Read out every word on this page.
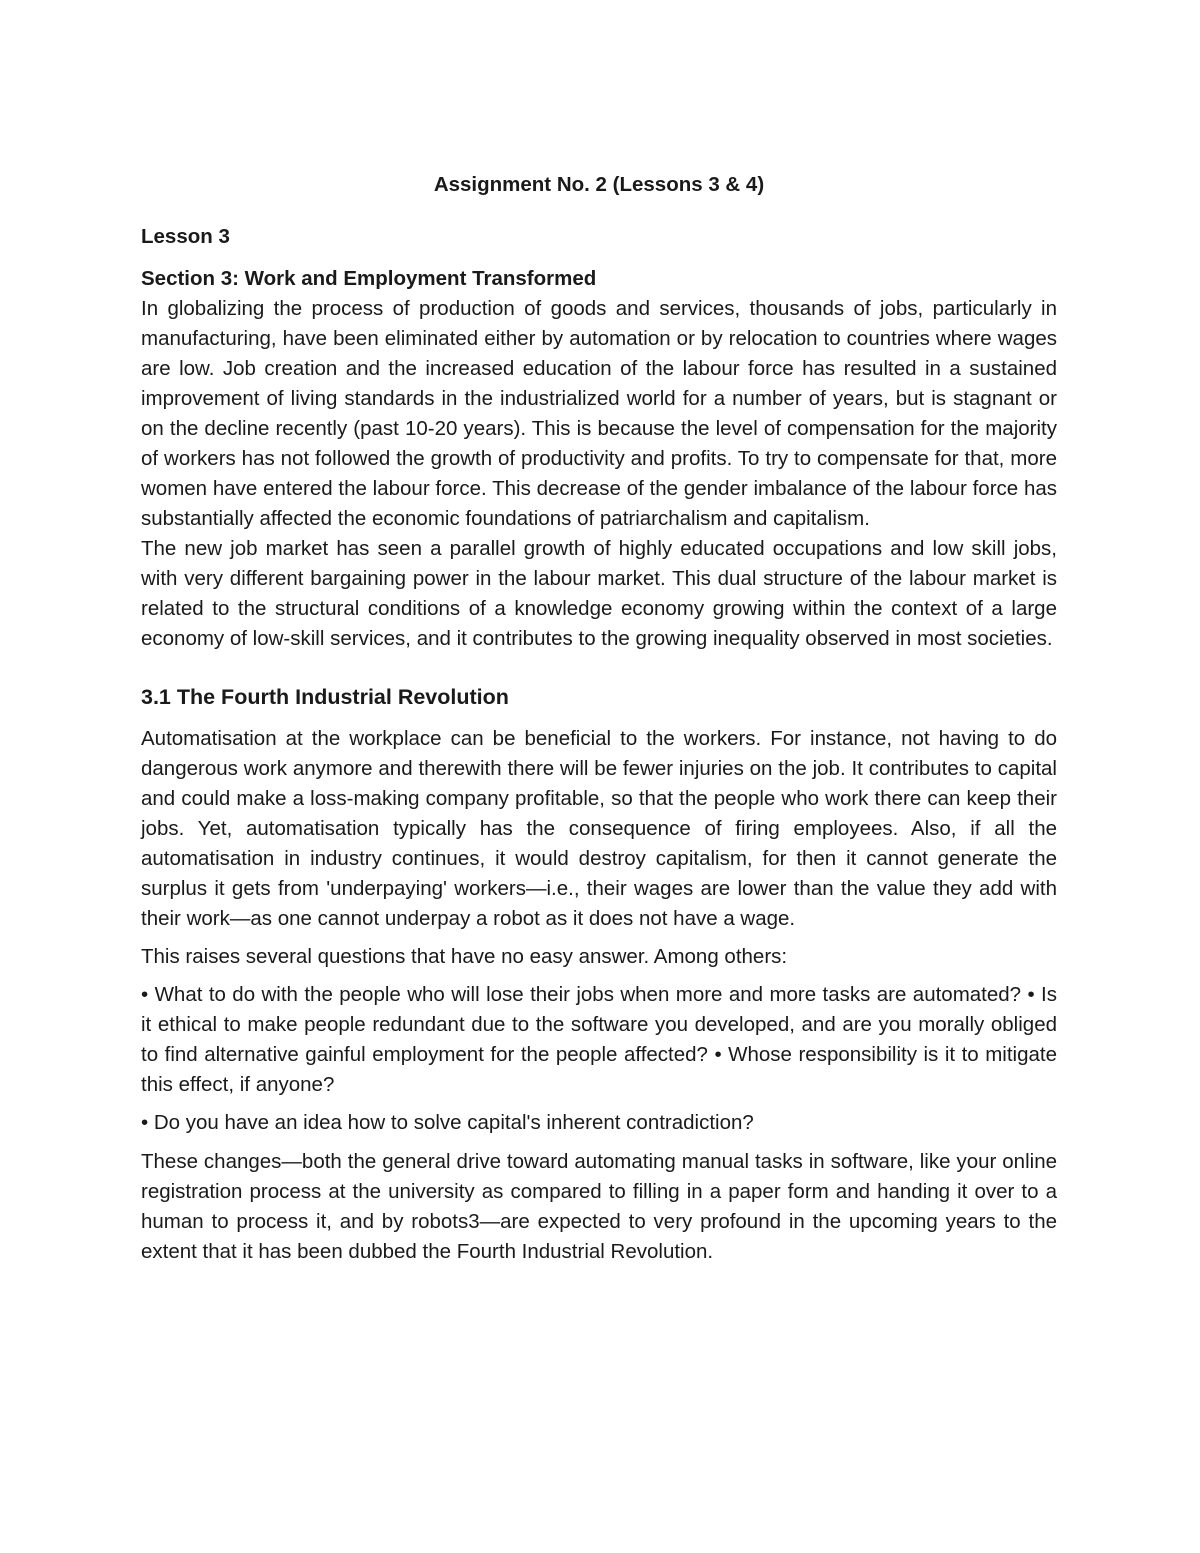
Assignment No. 2 (Lessons 3 & 4)
Lesson 3
Section 3: Work and Employment Transformed

In globalizing the process of production of goods and services, thousands of jobs, particularly in manufacturing, have been eliminated either by automation or by relocation to countries where wages are low. Job creation and the increased education of the labour force has resulted in a sustained improvement of living standards in the industrialized world for a number of years, but is stagnant or on the decline recently (past 10-20 years). This is because the level of compensation for the majority of workers has not followed the growth of productivity and profits. To try to compensate for that, more women have entered the labour force. This decrease of the gender imbalance of the labour force has substantially affected the economic foundations of patriarchalism and capitalism.

The new job market has seen a parallel growth of highly educated occupations and low skill jobs, with very different bargaining power in the labour market. This dual structure of the labour market is related to the structural conditions of a knowledge economy growing within the context of a large economy of low-skill services, and it contributes to the growing inequality observed in most societies.

3.1 The Fourth Industrial Revolution

Automatisation at the workplace can be beneficial to the workers. For instance, not having to do dangerous work anymore and therewith there will be fewer injuries on the job. It contributes to capital and could make a loss-making company profitable, so that the people who work there can keep their jobs. Yet, automatisation typically has the consequence of firing employees. Also, if all the automatisation in industry continues, it would destroy capitalism, for then it cannot generate the surplus it gets from 'underpaying' workers—i.e., their wages are lower than the value they add with their work—as one cannot underpay a robot as it does not have a wage.

This raises several questions that have no easy answer. Among others:

• What to do with the people who will lose their jobs when more and more tasks are automated? • Is it ethical to make people redundant due to the software you developed, and are you morally obliged to find alternative gainful employment for the people affected? • Whose responsibility is it to mitigate this effect, if anyone?

• Do you have an idea how to solve capital's inherent contradiction?

These changes—both the general drive toward automating manual tasks in software, like your online registration process at the university as compared to filling in a paper form and handing it over to a human to process it, and by robots3—are expected to very profound in the upcoming years to the extent that it has been dubbed the Fourth Industrial Revolution.
